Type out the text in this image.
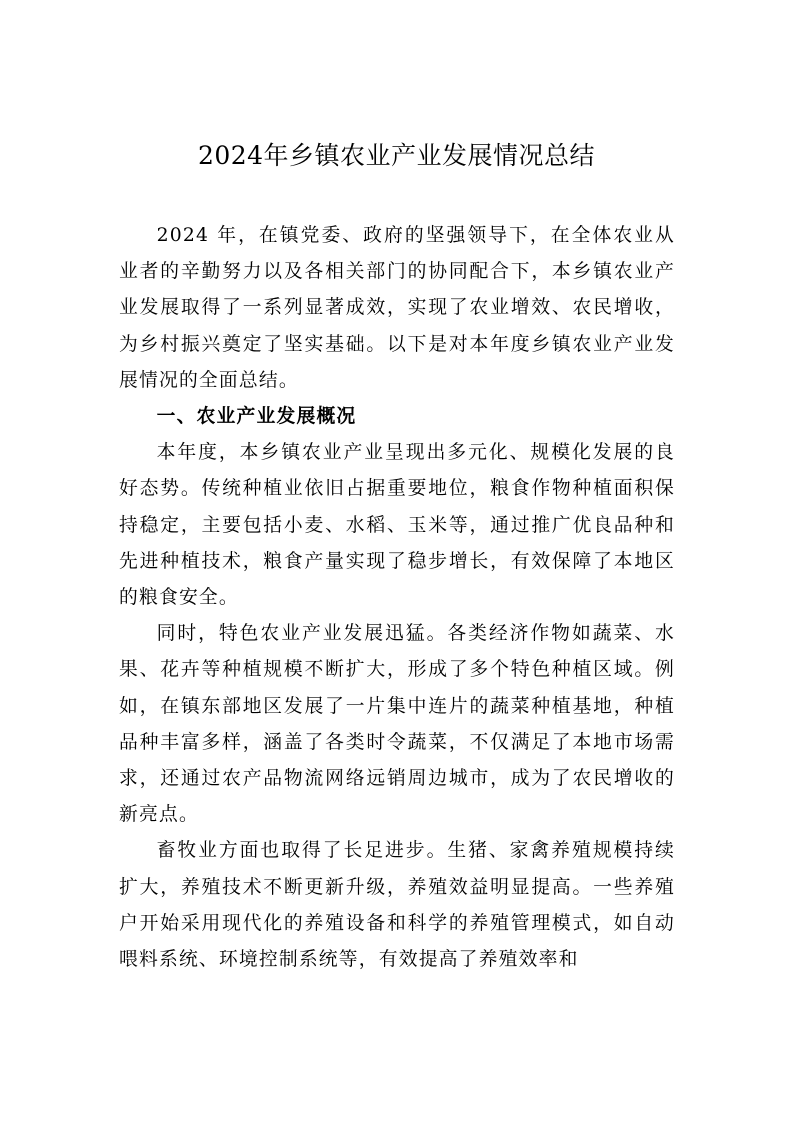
2024年乡镇农业产业发展情况总结

2024 年，在镇党委、政府的坚强领导下，在全体农业从业者的辛勤努力以及各相关部门的协同配合下，本乡镇农业产业发展取得了一系列显著成效，实现了农业增效、农民增收，为乡村振兴奠定了坚实基础。以下是对本年度乡镇农业产业发展情况的全面总结。

一、农业产业发展概况

本年度，本乡镇农业产业呈现出多元化、规模化发展的良好态势。传统种植业依旧占据重要地位，粮食作物种植面积保持稳定，主要包括小麦、水稻、玉米等，通过推广优良品种和先进种植技术，粮食产量实现了稳步增长，有效保障了本地区的粮食安全。

同时，特色农业产业发展迅猛。各类经济作物如蔬菜、水果、花卉等种植规模不断扩大，形成了多个特色种植区域。例如，在镇东部地区发展了一片集中连片的蔬菜种植基地，种植品种丰富多样，涵盖了各类时令蔬菜，不仅满足了本地市场需求，还通过农产品物流网络远销周边城市，成为了农民增收的新亮点。

畜牧业方面也取得了长足进步。生猪、家禽养殖规模持续扩大，养殖技术不断更新升级，养殖效益明显提高。一些养殖户开始采用现代化的养殖设备和科学的养殖管理模式，如自动喂料系统、环境控制系统等，有效提高了养殖效率和
